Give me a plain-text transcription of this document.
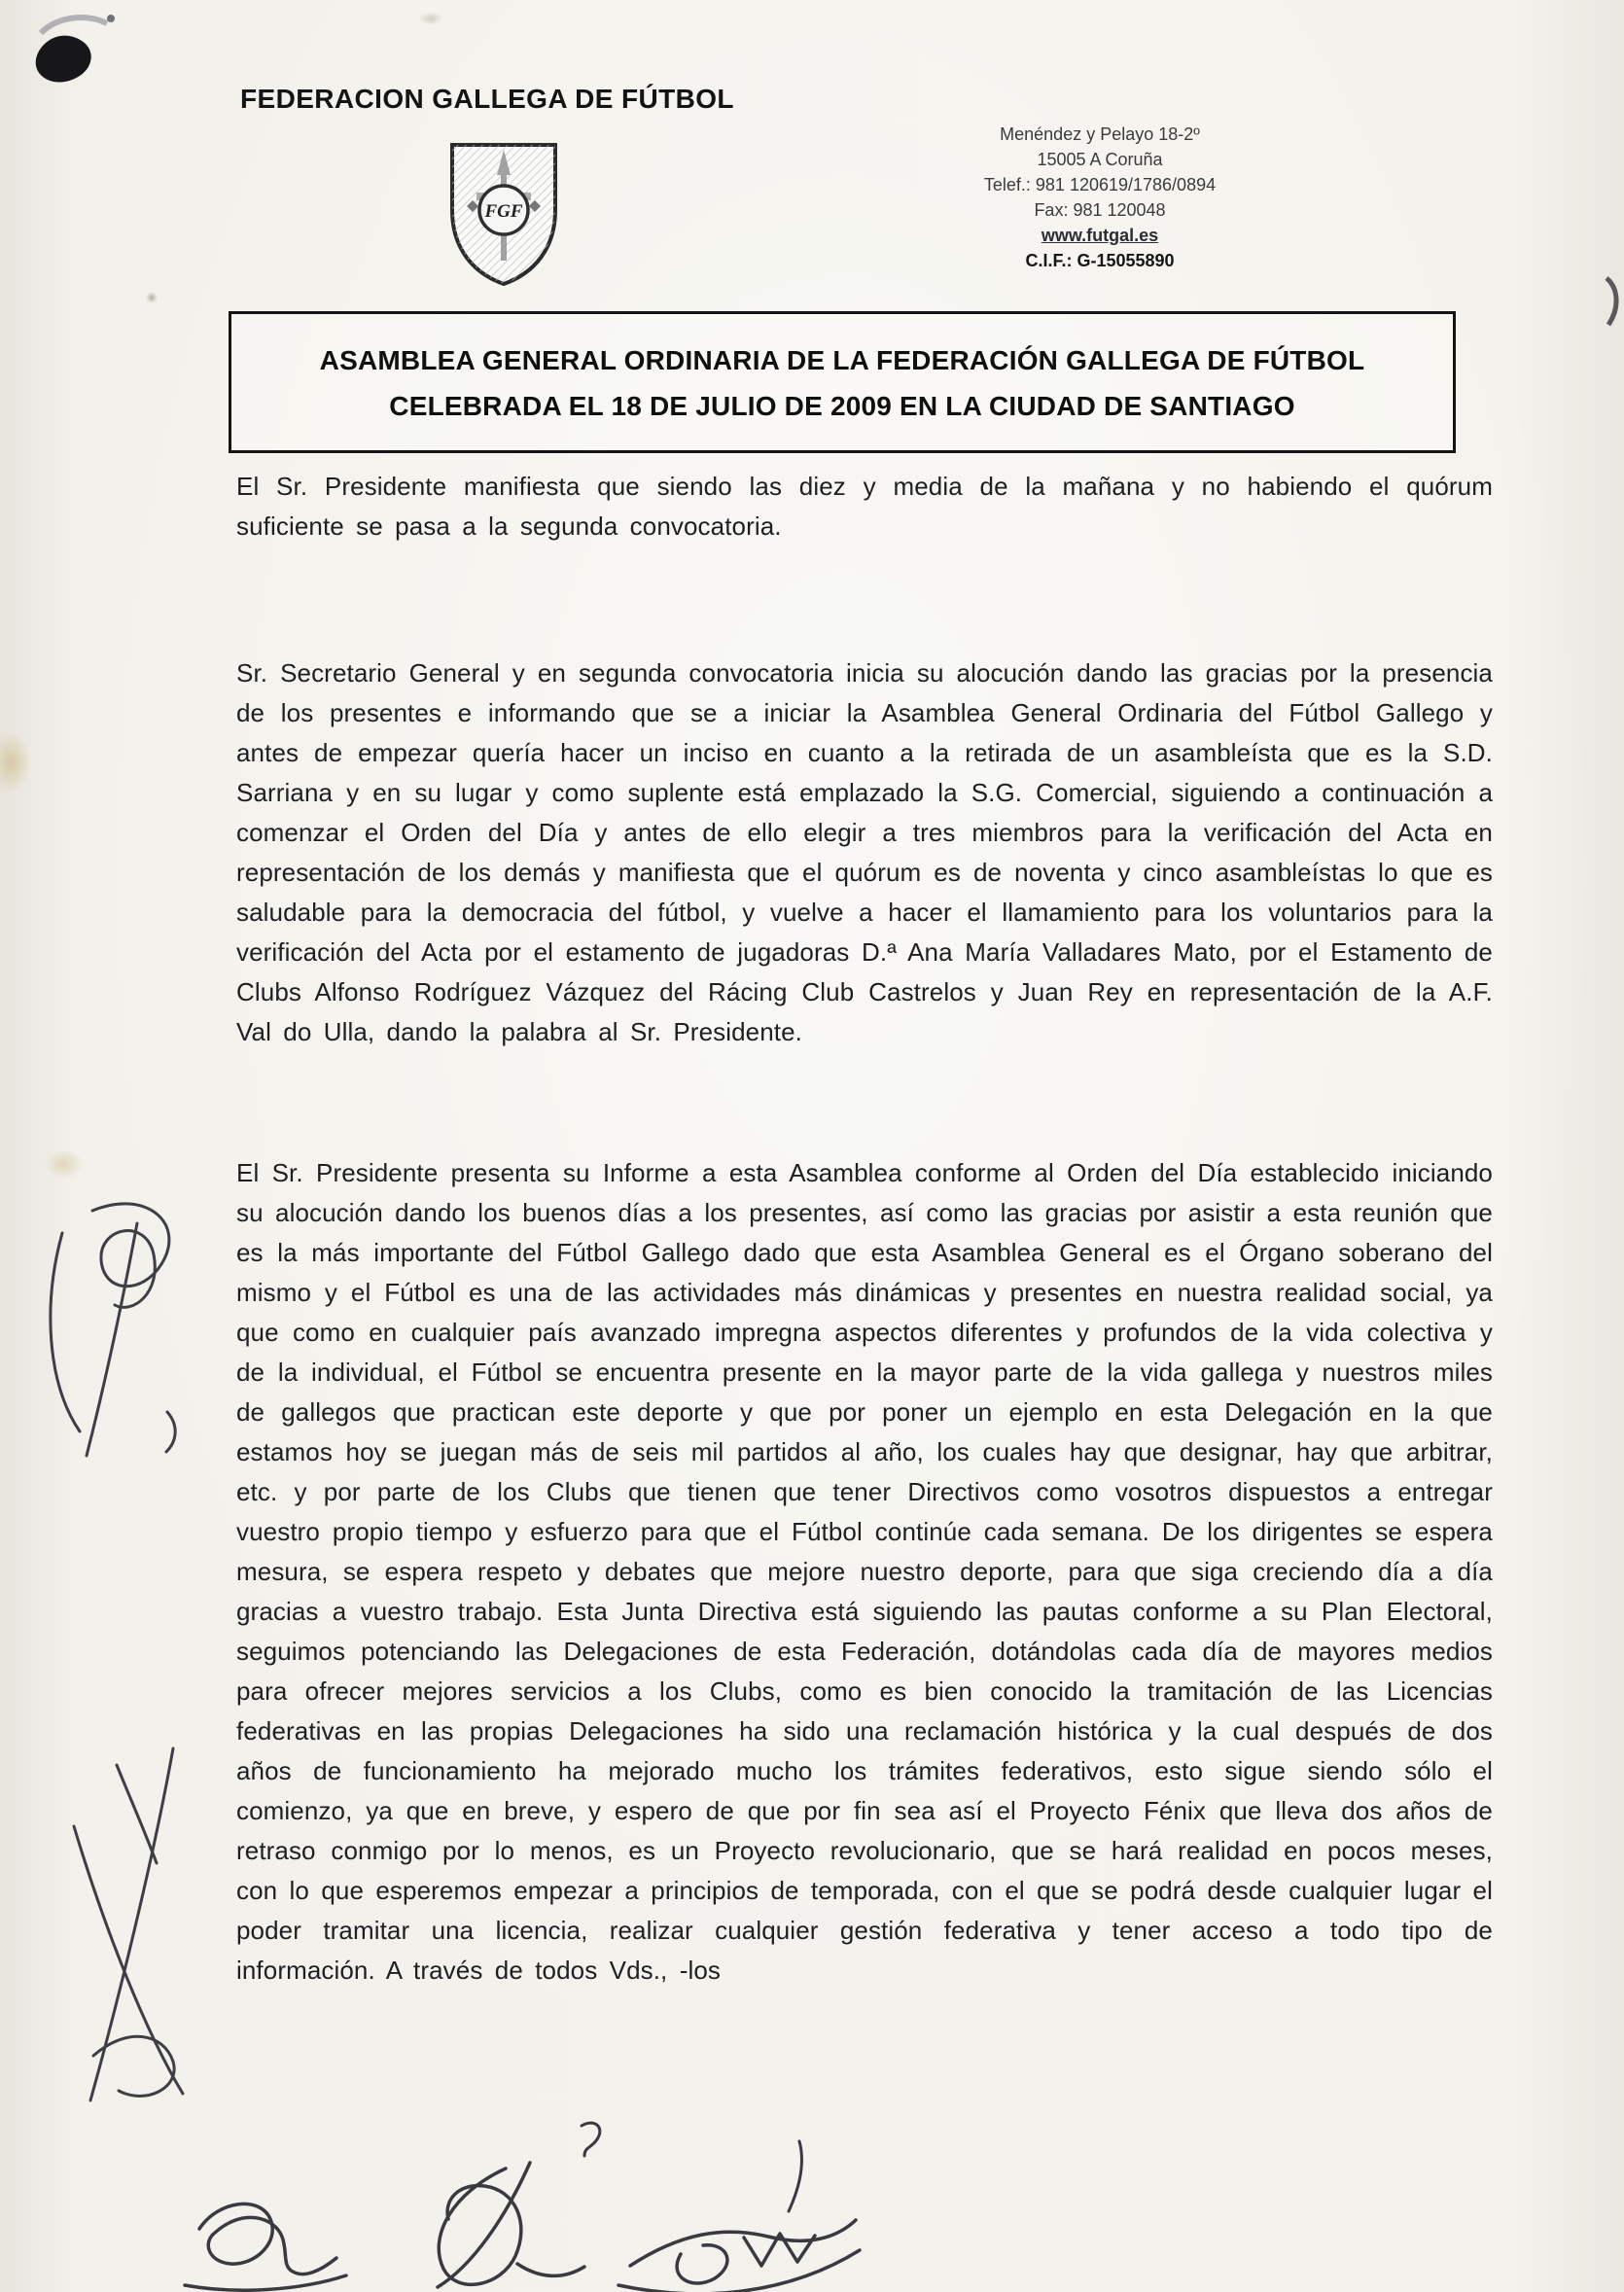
FEDERACION GALLEGA DE FÚTBOL
FGF
Menéndez y Pelayo 18-2º
15005 A Coruña
Telef.: 981 120619/1786/0894
Fax: 981 120048
www.futgal.es
C.I.F.: G-15055890
ASAMBLEA GENERAL ORDINARIA DE LA FEDERACIÓN GALLEGA DE FÚTBOL
CELEBRADA EL 18 DE JULIO DE 2009 EN LA CIUDAD DE SANTIAGO

El Sr. Presidente manifiesta que siendo las diez y media de la mañana y no habiendo el quórum suficiente se pasa a la segunda convocatoria.

Sr. Secretario General y en segunda convocatoria inicia su alocución dando las gracias por la presencia de los presentes e informando que se a iniciar la Asamblea General Ordinaria del Fútbol Gallego y antes de empezar quería hacer un inciso en cuanto a la retirada de un asambleísta que es la S.D. Sarriana y en su lugar y como suplente está emplazado la S.G. Comercial, siguiendo a continuación a comenzar el Orden del Día y antes de ello elegir a tres miembros para la verificación del Acta en representación de los demás y manifiesta que el quórum es de noventa y cinco asambleístas lo que es saludable para la democracia del fútbol, y vuelve a hacer el llamamiento para los voluntarios para la verificación del Acta por el estamento de jugadoras D.ª Ana María Valladares Mato, por el Estamento de Clubs Alfonso Rodríguez Vázquez del Rácing Club Castrelos y Juan Rey en representación de la A.F. Val do Ulla, dando la palabra al Sr. Presidente.

El Sr. Presidente presenta su Informe a esta Asamblea conforme al Orden del Día establecido iniciando su alocución dando los buenos días a los presentes, así como las gracias por asistir a esta reunión que es la más importante del Fútbol Gallego dado que esta Asamblea General es el Órgano soberano del mismo y el Fútbol es una de las actividades más dinámicas y presentes en nuestra realidad social, ya que como en cualquier país avanzado impregna aspectos diferentes y profundos de la vida colectiva y de la individual, el Fútbol se encuentra presente en la mayor parte de la vida gallega y nuestros miles de gallegos que practican este deporte y que por poner un ejemplo en esta Delegación en la que estamos hoy se juegan más de seis mil partidos al año, los cuales hay que designar, hay que arbitrar, etc. y por parte de los Clubs que tienen que tener Directivos como vosotros dispuestos a entregar vuestro propio tiempo y esfuerzo para que el Fútbol continúe cada semana. De los dirigentes se espera mesura, se espera respeto y debates que mejore nuestro deporte, para que siga creciendo día a día gracias a vuestro trabajo. Esta Junta Directiva está siguiendo las pautas conforme a su Plan Electoral, seguimos potenciando las Delegaciones de esta Federación, dotándolas cada día de mayores medios para ofrecer mejores servicios a los Clubs, como es bien conocido la tramitación de las Licencias federativas en las propias Delegaciones ha sido una reclamación histórica y la cual después de dos años de funcionamiento ha mejorado mucho los trámites federativos, esto sigue siendo sólo el comienzo, ya que en breve, y espero de que por fin sea así el Proyecto Fénix que lleva dos años de retraso conmigo por lo menos, es un Proyecto revolucionario, que se hará realidad en pocos meses, con lo que esperemos empezar a principios de temporada, con el que se podrá desde cualquier lugar el poder tramitar una licencia, realizar cualquier gestión federativa y tener acceso a todo tipo de información. A través de todos Vds., -los
